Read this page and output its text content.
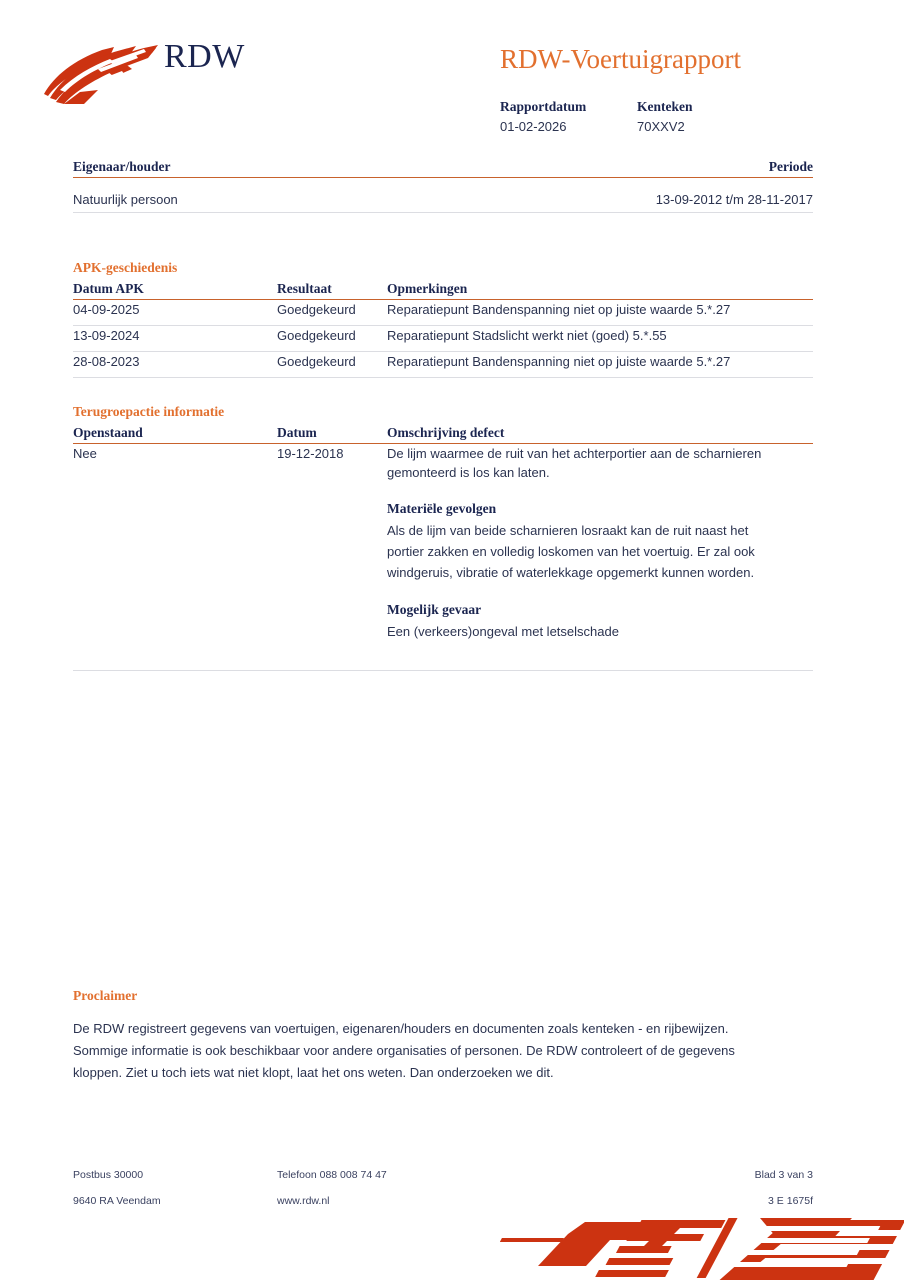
RDW	RDW-Voertuigrapport
Rapportdatum
01-02-2026
Kenteken
70XXV2
Eigenaar/houder	Periode
Natuurlijk persoon	13-09-2012 t/m 28-11-2017
APK-geschiedenis
Datum APK	Resultaat	Opmerkingen
04-09-2025	Goedgekeurd Reparatiepunt Bandenspanning niet op juiste waarde 5.*.27
13-09-2024	Goedgekeurd Reparatiepunt Stadslicht werkt niet (goed) 5.*.55
28-08-2023	Goedgekeurd Reparatiepunt Bandenspanning niet op juiste waarde 5.*.27
Terugroepactie informatie
Openstaand	Datum	Omschrijving defect
Nee	19-12-2018	De lijm waarmee de ruit van het achterportier aan de scharnieren gemonteerd is los kan laten.
Materiële gevolgen
Als de lijm van beide scharnieren losraakt kan de ruit naast het portier zakken en volledig loskomen van het voertuig. Er zal ook windgeruis, vibratie of waterlekkage opgemerkt kunnen worden.
Mogelijk gevaar
Een (verkeers)ongeval met letselschade
Proclaimer
De RDW registreert gegevens van voertuigen, eigenaren/houders en documenten zoals kenteken - en rijbewijzen. Sommige informatie is ook beschikbaar voor andere organisaties of personen. De RDW controleert of de gegevens kloppen. Ziet u toch iets wat niet klopt, laat het ons weten. Dan onderzoeken we dit.
Postbus 30000	Telefoon 088 008 74 47	Blad 3 van 3
9640 RA Veendam	www.rdw.nl	3 E 1675f
